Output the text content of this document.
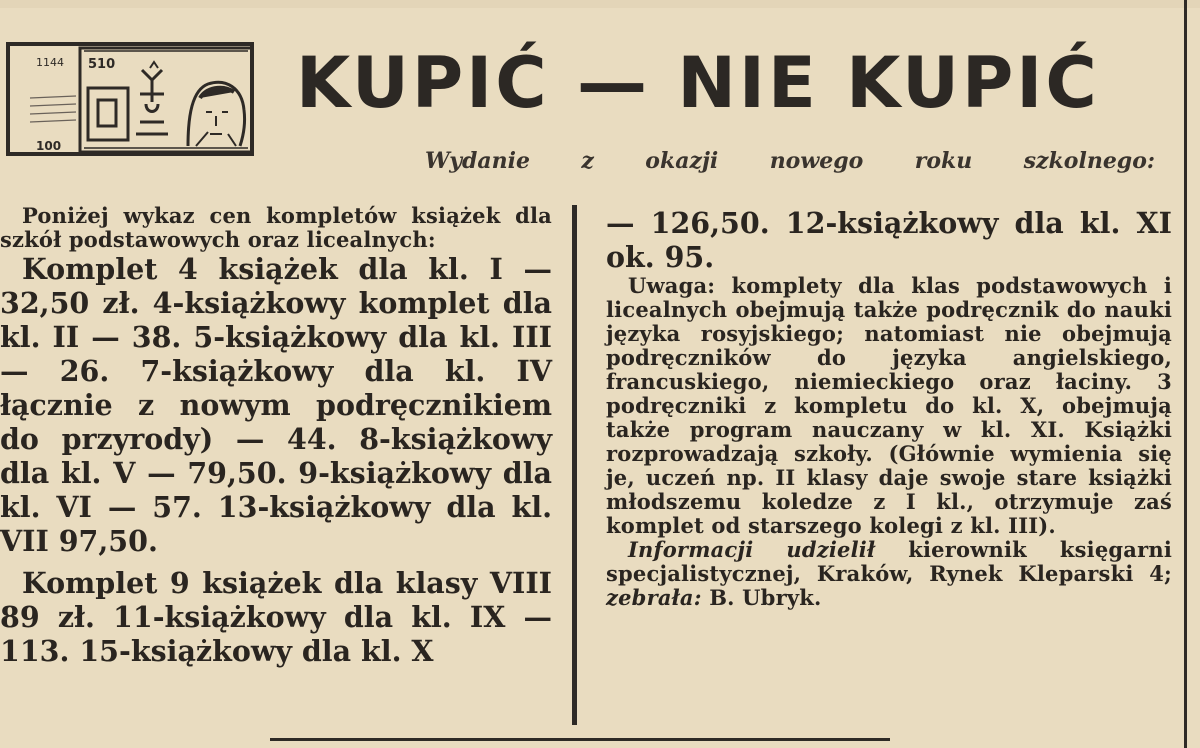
1144
100
510	KUPIĆ — NIE KUPIĆ
Wydanie z okazji nowego roku szkolnego:

Poniżej wykaz cen kompletów książek dla szkół podstawowych oraz licealnych:

Komplet 4 książek dla kl. I — 32,50 zł. 4-książkowy komplet dla kl. II — 38. 5-książkowy dla kl. III — 26. 7-książkowy dla kl. IV łącznie z nowym podręcznikiem do przyrody) — 44. 8-książkowy dla kl. V — 79,50. 9-książkowy dla kl. VI — 57. 13-książkowy dla kl. VII 97,50.

Komplet 9 książek dla klasy VIII 89 zł. 11-książkowy dla kl. IX — 113. 15-książkowy dla kl. X

— 126,50. 12-książkowy dla kl. XI ok. 95.

Uwaga: komplety dla klas podstawowych i licealnych obejmują także podręcznik do nauki języka rosyjskiego; natomiast nie obejmują podręczników do języka angielskiego, francuskiego, niemieckiego oraz łaciny. 3 podręczniki z kompletu do kl. X, obejmują także program nauczany w kl. XI. Książki rozprowadzają szkoły. (Głównie wymienia się je, uczeń np. II klasy daje swoje stare książki młodszemu koledze z I kl., otrzymuje zaś komplet od starszego kolegi z kl. III).

Informacji udzielił kierownik księgarni specjalistycznej, Kraków, Rynek Kleparski 4; zebrała: B. Ubryk.
